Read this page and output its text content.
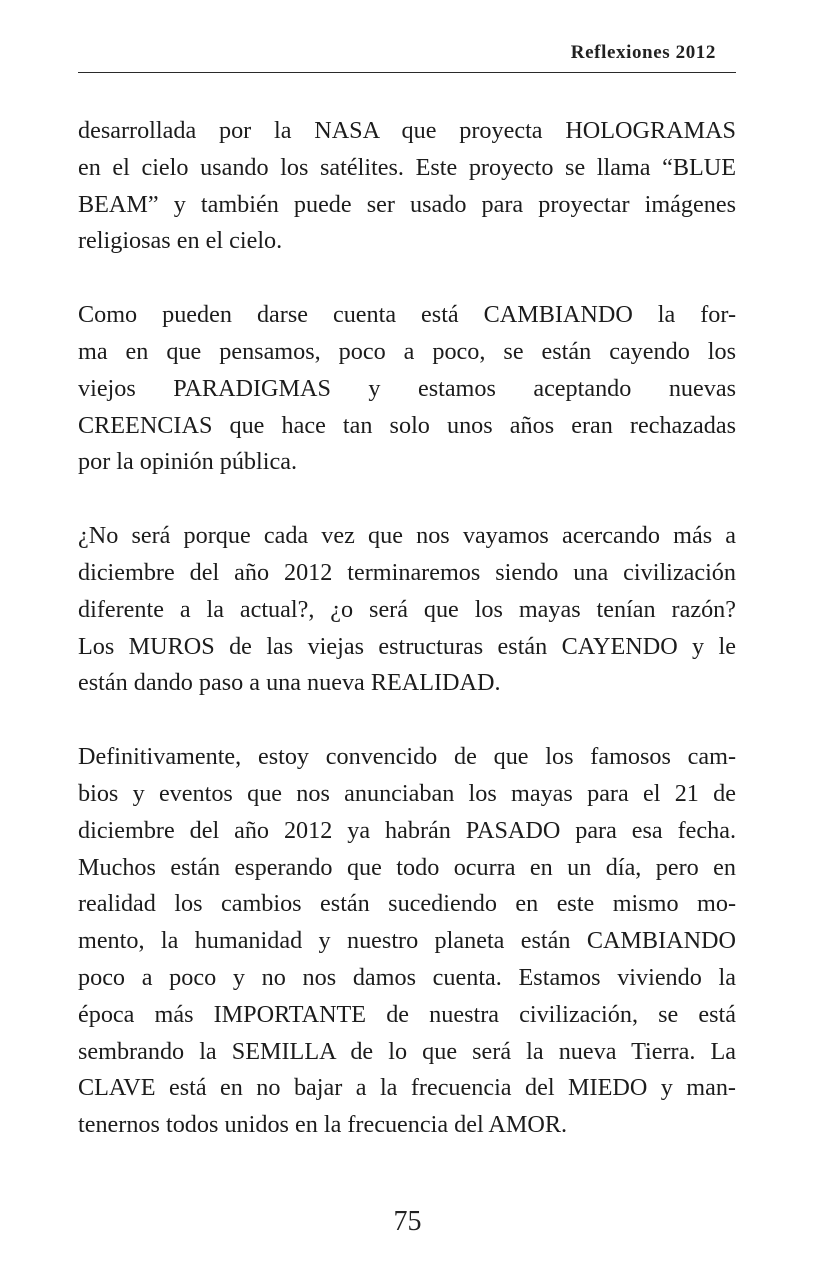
Reflexiones 2012
desarrollada por la NASA que proyecta HOLOGRAMAS
en el cielo usando los satélites. Este proyecto se llama “BLUE
BEAM” y también puede ser usado para proyectar imágenes
religiosas en el cielo.
Como pueden darse cuenta está CAMBIANDO la for-
ma en que pensamos, poco a poco, se están cayendo los
viejos PARADIGMAS y estamos aceptando nuevas
CREENCIAS que hace tan solo unos años eran rechazadas
por la opinión pública.
¿No será porque cada vez que nos vayamos acercando más a
diciembre del año 2012 terminaremos siendo una civilización
diferente a la actual?, ¿o será que los mayas tenían razón?
Los MUROS de las viejas estructuras están CAYENDO y le
están dando paso a una nueva REALIDAD.
Definitivamente, estoy convencido de que los famosos cam-
bios y eventos que nos anunciaban los mayas para el 21 de
diciembre del año 2012 ya habrán PASADO para esa fecha.
Muchos están esperando que todo ocurra en un día, pero en
realidad los cambios están sucediendo en este mismo mo-
mento, la humanidad y nuestro planeta están CAMBIANDO
poco a poco y no nos damos cuenta. Estamos viviendo la
época más IMPORTANTE de nuestra civilización, se está
sembrando la SEMILLA de lo que será la nueva Tierra. La
CLAVE está en no bajar a la frecuencia del MIEDO y man-
tenernos todos unidos en la frecuencia del AMOR.
75
